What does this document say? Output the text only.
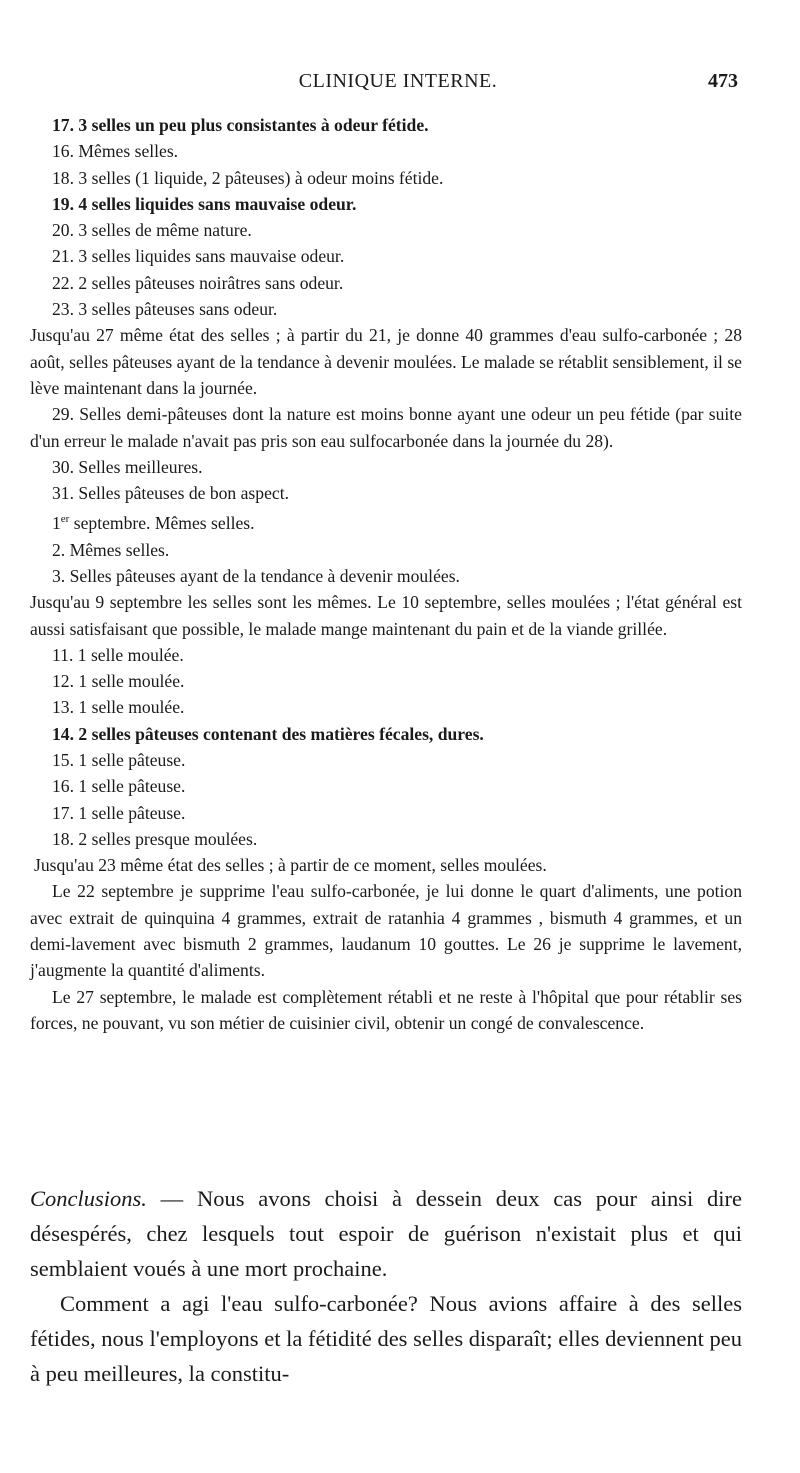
CLINIQUE INTERNE.	473
17. 3 selles un peu plus consistantes à odeur fétide.
16. Mêmes selles.
18. 3 selles (1 liquide, 2 pâteuses) à odeur moins fétide.
19. 4 selles liquides sans mauvaise odeur.
20. 3 selles de même nature.
21. 3 selles liquides sans mauvaise odeur.
22. 2 selles pâteuses noirâtres sans odeur.
23. 3 selles pâteuses sans odeur.
Jusqu'au 27 même état des selles ; à partir du 21, je donne 40 grammes d'eau sulfo-carbonée ; 28 août, selles pâteuses ayant de la tendance à devenir moulées. Le malade se rétablit sensiblement, il se lève maintenant dans la journée.
29. Selles demi-pâteuses dont la nature est moins bonne ayant une odeur un peu fétide (par suite d'un erreur le malade n'avait pas pris son eau sulfocarbonée dans la journée du 28).
30. Selles meilleures.
31. Selles pâteuses de bon aspect.
1er septembre. Mêmes selles.
2. Mêmes selles.
3. Selles pâteuses ayant de la tendance à devenir moulées.
Jusqu'au 9 septembre les selles sont les mêmes. Le 10 septembre, selles moulées ; l'état général est aussi satisfaisant que possible, le malade mange maintenant du pain et de la viande grillée.
11. 1 selle moulée.
12. 1 selle moulée.
13. 1 selle moulée.
14. 2 selles pâteuses contenant des matières fécales, dures.
15. 1 selle pâteuse.
16. 1 selle pâteuse.
17. 1 selle pâteuse.
18. 2 selles presque moulées.
Jusqu'au 23 même état des selles ; à partir de ce moment, selles moulées.
Le 22 septembre je supprime l'eau sulfo-carbonée, je lui donne le quart d'aliments, une potion avec extrait de quinquina 4 grammes, extrait de ratanhia 4 grammes , bismuth 4 grammes, et un demi-lavement avec bismuth 2 grammes, laudanum 10 gouttes. Le 26 je supprime le lavement, j'augmente la quantité d'aliments.
Le 27 septembre, le malade est complètement rétabli et ne reste à l'hôpital que pour rétablir ses forces, ne pouvant, vu son métier de cuisinier civil, obtenir un congé de convalescence.

Conclusions. — Nous avons choisi à dessein deux cas pour ainsi dire désespérés, chez lesquels tout espoir de guérison n'existait plus et qui semblaient voués à une mort prochaine.

Comment a agi l'eau sulfo-carbonée? Nous avions affaire à des selles fétides, nous l'employons et la fétidité des selles disparaît; elles deviennent peu à peu meilleures, la constitu-
